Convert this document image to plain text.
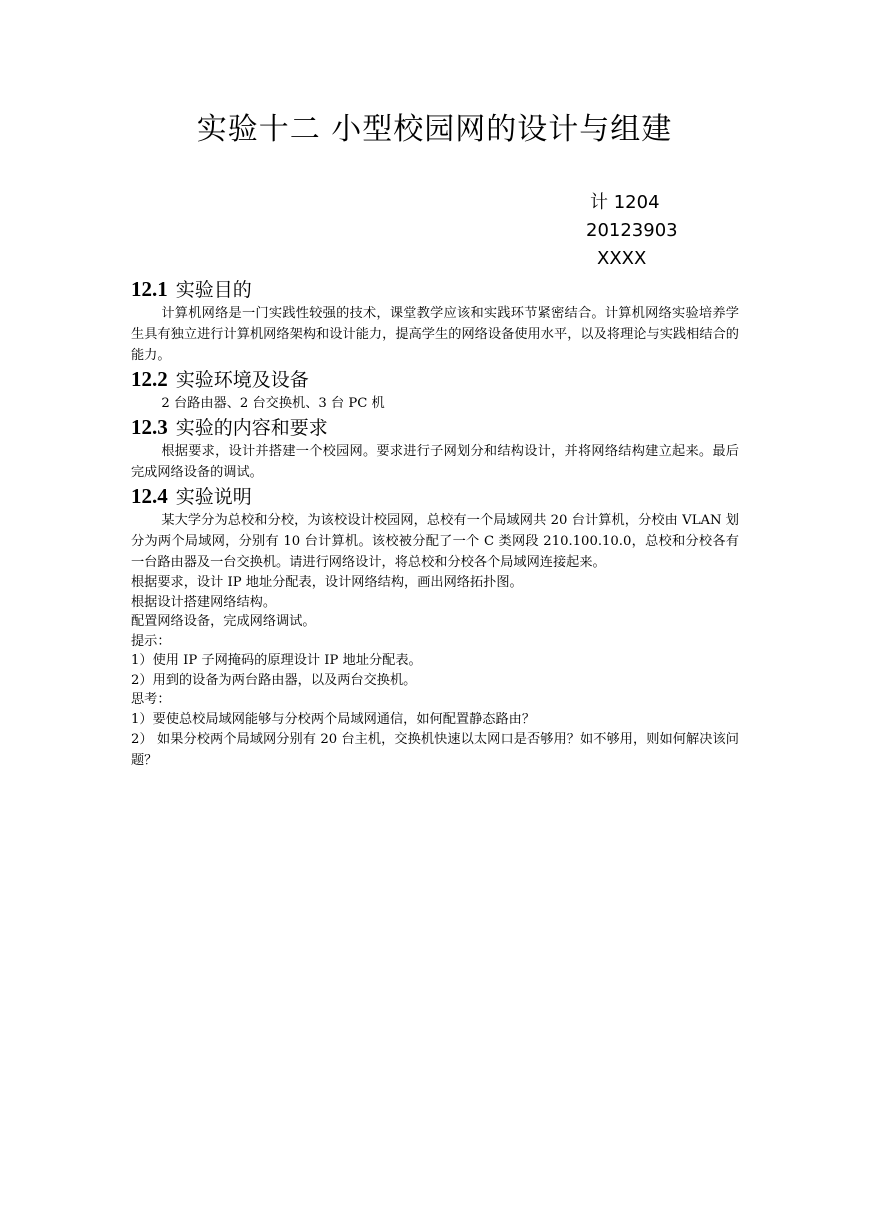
实验十二 小型校园网的设计与组建
计 1204
20123903
XXXX
12.1 实验目的

计算机网络是一门实践性较强的技术，课堂教学应该和实践环节紧密结合。计算机网络实验培养学生具有独立进行计算机网络架构和设计能力，提高学生的网络设备使用水平，以及将理论与实践相结合的能力。

12.2 实验环境及设备

2 台路由器、2 台交换机、3 台 PC 机

12.3 实验的内容和要求

根据要求，设计并搭建一个校园网。要求进行子网划分和结构设计，并将网络结构建立起来。最后完成网络设备的调试。

12.4 实验说明

某大学分为总校和分校，为该校设计校园网，总校有一个局域网共 20 台计算机，分校由 VLAN 划分为两个局域网，分别有 10 台计算机。该校被分配了一个 C 类网段 210.100.10.0，总校和分校各有一台路由器及一台交换机。请进行网络设计，将总校和分校各个局域网连接起来。

根据要求，设计 IP 地址分配表，设计网络结构，画出网络拓扑图。

根据设计搭建网络结构。

配置网络设备，完成网络调试。

提示：

1）使用 IP 子网掩码的原理设计 IP 地址分配表。

2）用到的设备为两台路由器，以及两台交换机。

思考：

1）要使总校局域网能够与分校两个局域网通信，如何配置静态路由？

2） 如果分校两个局域网分别有 20 台主机，交换机快速以太网口是否够用？如不够用，则如何解决该问题？
